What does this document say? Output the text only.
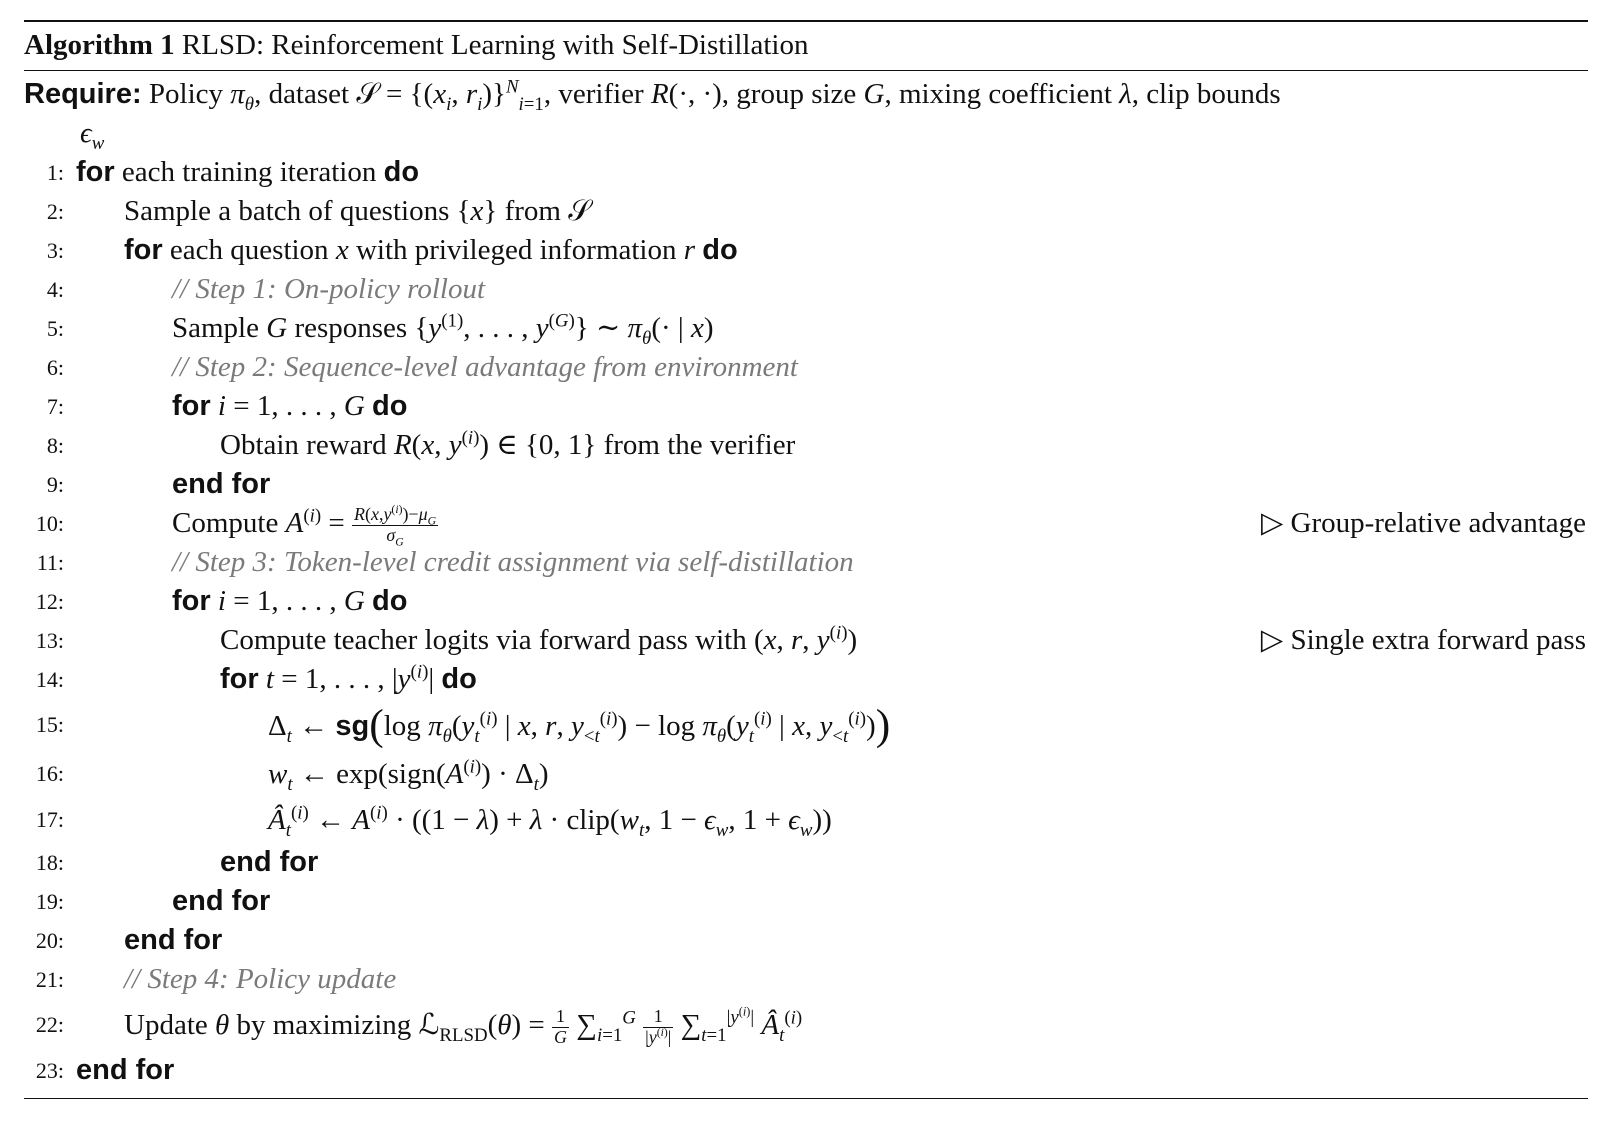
Algorithm 1 RLSD: Reinforcement Learning with Self-Distillation
Require: Policy $\pi_\theta$, dataset 𝒮 = {($x_i$, $r_i)\}^N_{i=1}$, verifier R(·, ·), group size G, mixing coefficient λ, clip bounds
$\epsilon_w$
1: for each training iteration do
2: Sample a batch of questions {x} from 𝒮
3: for each question x with privileged information r do
4:	// Step 1: On-policy rollout
5:	Sample G responses {$y^{(1)}$, . . . , $y^{(G)}$} ∼ $\pi_\theta(\cdot$ | x)
6:	// Step 2: Sequence-level advantage from environment
7:	for i = 1, . . . , G do
8:	Obtain reward R(x, $y^{(i)}$) ∈ {0, 1} from the verifier
9:	end for
10:	Compute $A^{(i)} = \frac{R(x,y^{(i)})-\mu_G}{\sigma_G}$	▷ Group-relative advantage
11:	// Step 3: Token-level credit assignment via self-distillation
12:	for i = 1, . . . , G do
13:	Compute teacher logits via forward pass with (x, r, $y^{(i)}$)	▷ Single extra forward pass
14:	for t = 1, . . . , $|y^{(i)}|$ do
15:	$\Delta_t$ ← sg(log $\pi_\theta(y_t^{(i)}$ | x, r, $y_{<t}^{(i)}) - \log \pi_\theta(y_t^{(i)}$ | x, $y_{<t}^{(i)}$))
16:	$w_t$ ← $\exp(sign(A^{(i)}) \cdot \Delta_t)$
17:	$Â_t^{(i)}$ ← $A^{(i)} \cdot ((1 - \lambda) + \lambda$ · $clip(w_t$, $1 - \epsilon_w$, $1 + \epsilon_w$))
18:	end for
19:	end for
20: end for
21: // Step 4: Policy update
22: Update θ by maximizing ℒ$_{RLSD}$(θ) = $\frac{1}{G} \sum_{i=1}^G \frac{1}{|y^{(i)}|} \sum_{t=1}^{|y^{(i)}|}$ $Â_t^{(i)}$
23: end for
